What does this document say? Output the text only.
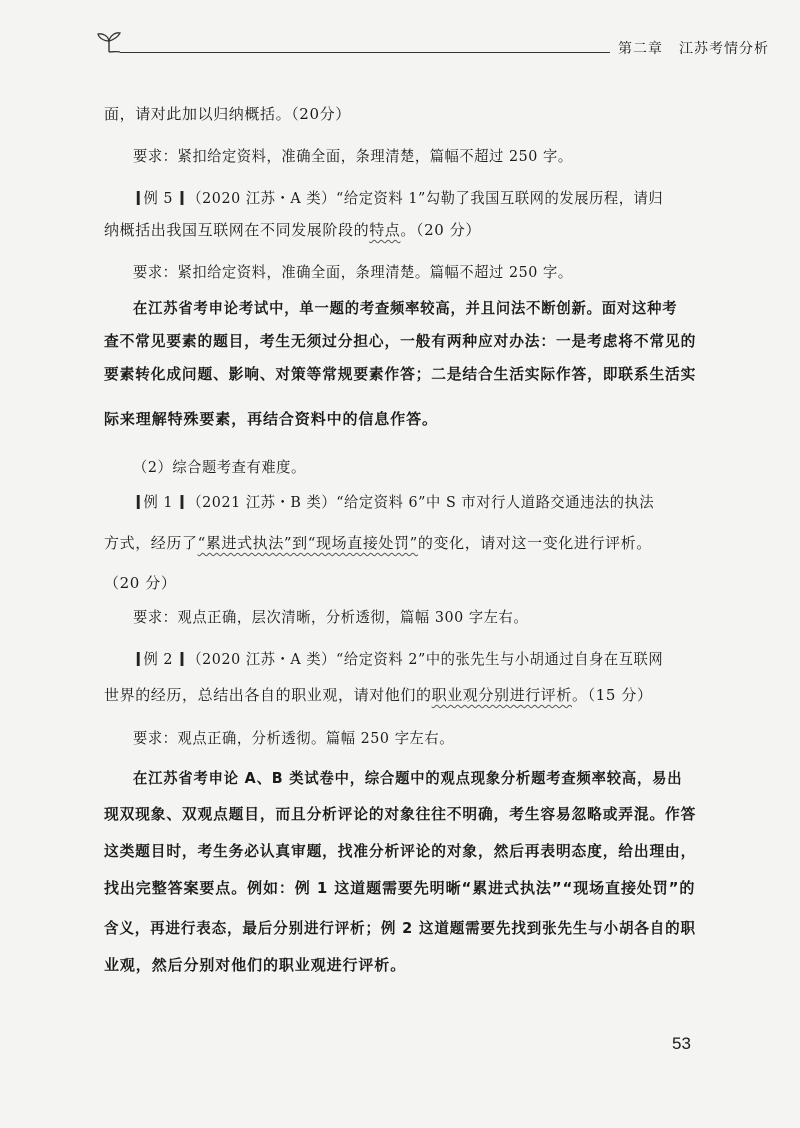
第二章 江苏考情分析
面，请对此加以归纳概括。（20分）
要求：紧扣给定资料，准确全面，条理清楚，篇幅不超过 250 字。
例 5 （2020 江苏・A 类）“给定资料 1”勾勒了我国互联网的发展历程，请归
纳概括出我国互联网在不同发展阶段的特点。（20 分）
要求：紧扣给定资料，准确全面，条理清楚。篇幅不超过 250 字。
在江苏省考申论考试中，单一题的考查频率较高，并且问法不断创新。面对这种考
查不常见要素的题目，考生无须过分担心，一般有两种应对办法：一是考虑将不常见的
要素转化成问题、影响、对策等常规要素作答；二是结合生活实际作答，即联系生活实
际来理解特殊要素，再结合资料中的信息作答。
（2）综合题考查有难度。
例 1 （2021 江苏・B 类）“给定资料 6”中 S 市对行人道路交通违法的执法
方式，经历了“累进式执法”到“现场直接处罚”的变化，请对这一变化进行评析。
（20 分）
要求：观点正确，层次清晰，分析透彻，篇幅 300 字左右。
例 2 （2020 江苏・A 类）“给定资料 2”中的张先生与小胡通过自身在互联网
世界的经历，总结出各自的职业观，请对他们的职业观分别进行评析。（15 分）
要求：观点正确，分析透彻。篇幅 250 字左右。
在江苏省考申论 A、B 类试卷中，综合题中的观点现象分析题考查频率较高，易出
现双现象、双观点题目，而且分析评论的对象往往不明确，考生容易忽略或弄混。作答
这类题目时，考生务必认真审题，找准分析评论的对象，然后再表明态度，给出理由，
找出完整答案要点。例如：例 1 这道题需要先明晰“累进式执法”“现场直接处罚”的
含义，再进行表态，最后分别进行评析；例 2 这道题需要先找到张先生与小胡各自的职
业观，然后分别对他们的职业观进行评析。
53
